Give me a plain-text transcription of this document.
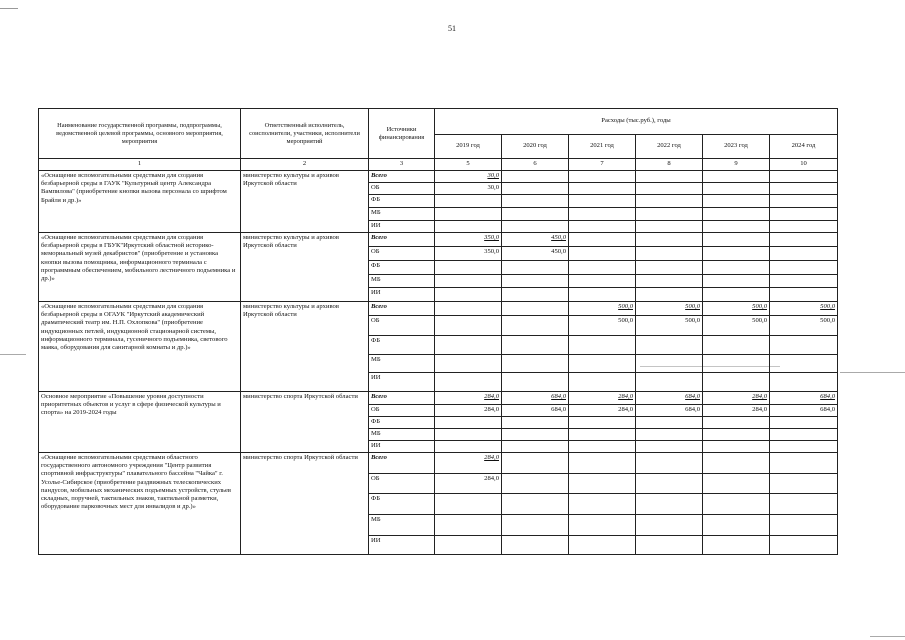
51
Наименование государственной программы, подпрограммы, ведомственной целевой программы, основного мероприятия, мероприятия	Ответственный исполнитель, соисполнители, участники, исполнители мероприятий	Источники финансирования	Расходы (тыс.руб.), годы					
			2019 год	2020 год	2021 год	2022 год	2023 год	2024 год
1	2	3	5	6	7	8	9	10
«Оснащение вспомогательными средствами для создания безбарьерной среды в ГАУК "Культурный центр Александра Вампилова" (приобретение кнопки вызова персонала со шрифтом Брайля и др.)»	министерство культуры и архивов Иркутской области	Всего	30,0					
		ОБ	30,0					
		ФБ						
		МБ						
		ИИ						
«Оснащение вспомогательными средствами для создания безбарьерной среды в ГБУК"Иркутский областной историко-мемориальный музей декабристов" (приобретение и установка кнопки вызова помощника, информационного терминала с программным обеспечением, мобильного лестничного подъемника и др.)»	министерство культуры и архивов Иркутской области	Всего	350,0	450,0				
		ОБ	350,0	450,0				
		ФБ						
		МБ						
		ИИ						
«Оснащение вспомогательными средствами для создания безбарьерной среды в ОГАУК "Иркутский академический драматический театр им. Н.П. Охлопкова" (приобретение индукционных петлей, индукционной стационарной системы, информационного терминала, гусеничного подъемника, светового маяка, оборудования для санитарной комнаты и др.)»	министерство культуры и архивов Иркутской области	Всего			500,0	500,0	500,0	500,0
		ОБ			500,0	500,0	500,0	500,0
		ФБ						
		МБ						
		ИИ						
Основное мероприятие «Повышение уровня доступности приоритетных объектов и услуг в сфере физической культуры и спорта» на 2019-2024 годы	министерство спорта Иркутской области	Всего	284,0	684,0	284,0	684,0	284,0	684,0
		ОБ	284,0	684,0	284,0	684,0	284,0	684,0
		ФБ						
		МБ						
		ИИ						
«Оснащение вспомогательными средствами областного государственного автономного учреждения "Центр развития спортивной инфраструктуры" плавательного бассейна "Чайка" г. Усолье-Сибирское (приобретение раздвижных телескопических пандусов, мобильных механических подъемных устройств, стульев складных, поручней, тактильных знаков, тактильной разметки, оборудование парковочных мест для инвалидов и др.)»	министерство спорта Иркутской области	Всего	284,0					
		ОБ	284,0					
		ФБ						
		МБ						
		ИИ						
